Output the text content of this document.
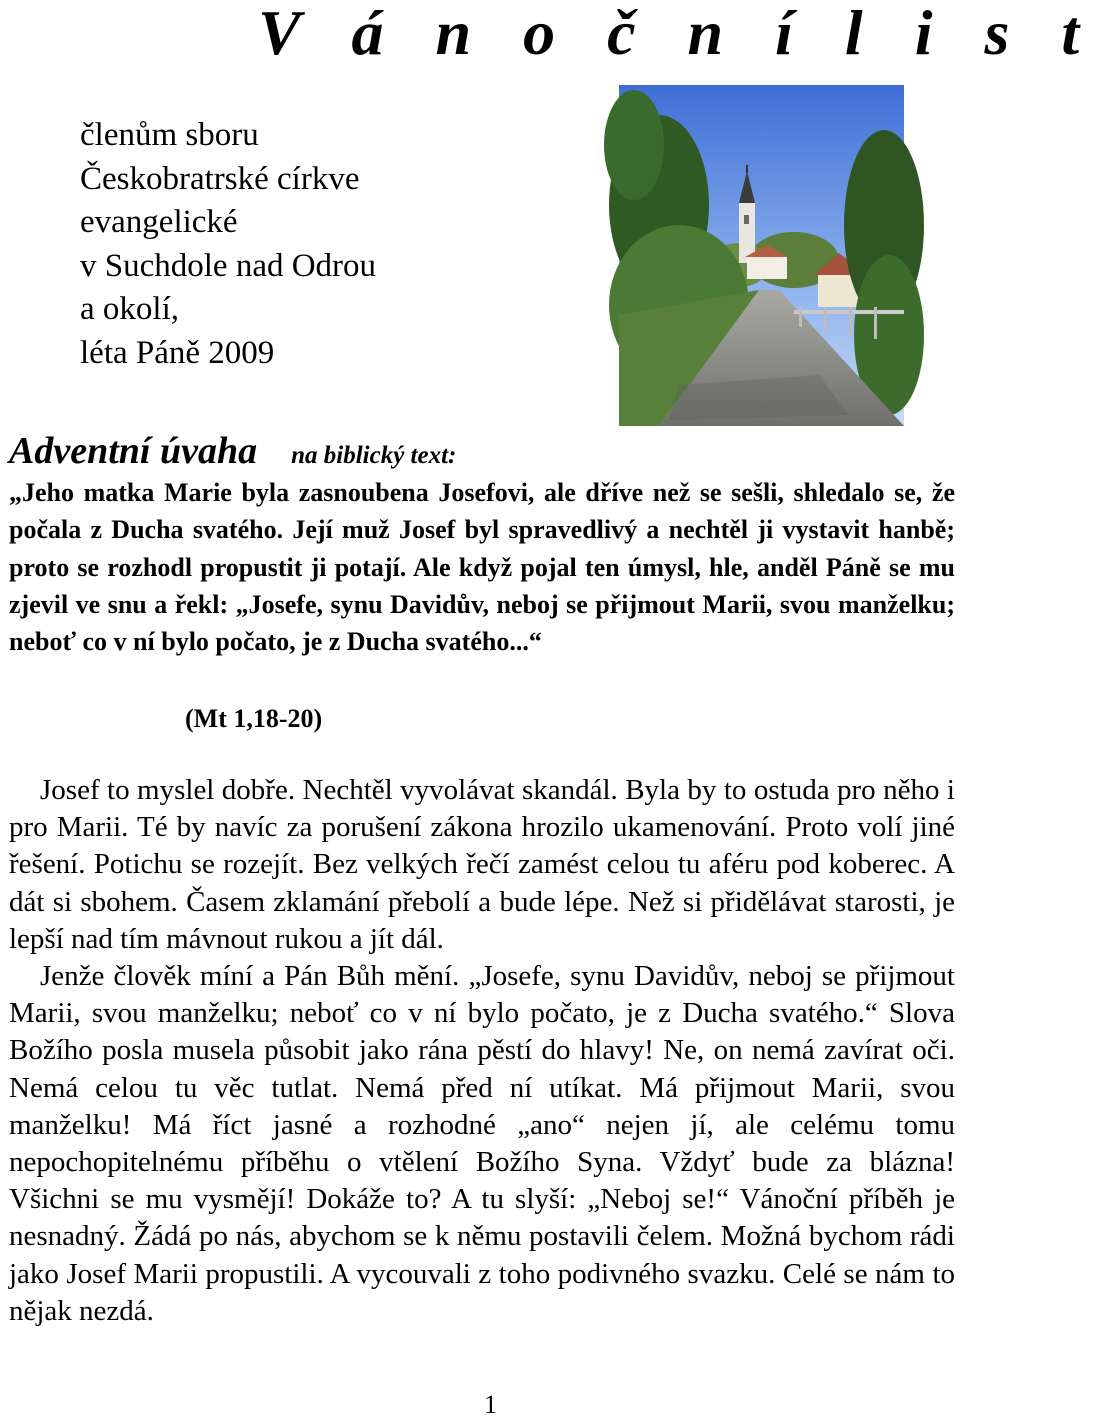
V á n o č n í l i s t
členům sboru
Českobratrské církve
evangelické
v Suchdole nad Odrou
a okolí,
léta Páně 2009
Adventní úvaha na biblický text:

„Jeho matka Marie byla zasnoubena Josefovi, ale dříve než se sešli, shledalo se, že počala z Ducha svatého. Její muž Josef byl spravedlivý a nechtěl ji vystavit hanbě; proto se rozhodl propustit ji potají. Ale když pojal ten úmysl, hle, anděl Páně se mu zjevil ve snu a řekl: „Josefe, synu Davidův, neboj se přijmout Marii, svou manželku; neboť co v ní bylo počato, je z Ducha svatého...“

(Mt 1,18-20)

Josef to myslel dobře. Nechtěl vyvolávat skandál. Byla by to ostuda pro něho i pro Marii. Té by navíc za porušení zákona hrozilo ukamenování. Proto volí jiné řešení. Potichu se rozejít. Bez velkých řečí zamést celou tu aféru pod koberec. A dát si sbohem. Časem zklamání přebolí a bude lépe. Než si přidělávat starosti, je lepší nad tím mávnout rukou a jít dál.

Jenže člověk míní a Pán Bůh mění. „Josefe, synu Davidův, neboj se přijmout Marii, svou manželku; neboť co v ní bylo počato, je z Ducha svatého.“ Slova Božího posla musela působit jako rána pěstí do hlavy! Ne, on nemá zavírat oči. Nemá celou tu věc tutlat. Nemá před ní utíkat. Má přijmout Marii, svou manželku! Má říct jasné a rozhodné „ano“ nejen jí, ale celému tomu nepochopitelnému příběhu o vtělení Božího Syna. Vždyť bude za blázna! Všichni se mu vysmějí! Dokáže to? A tu slyší: „Neboj se!“ Vánoční příběh je nesnadný. Žádá po nás, abychom se k němu postavili čelem. Možná bychom rádi jako Josef Marii propustili. A vycouvali z toho podivného svazku. Celé se nám to nějak nezdá.

1
